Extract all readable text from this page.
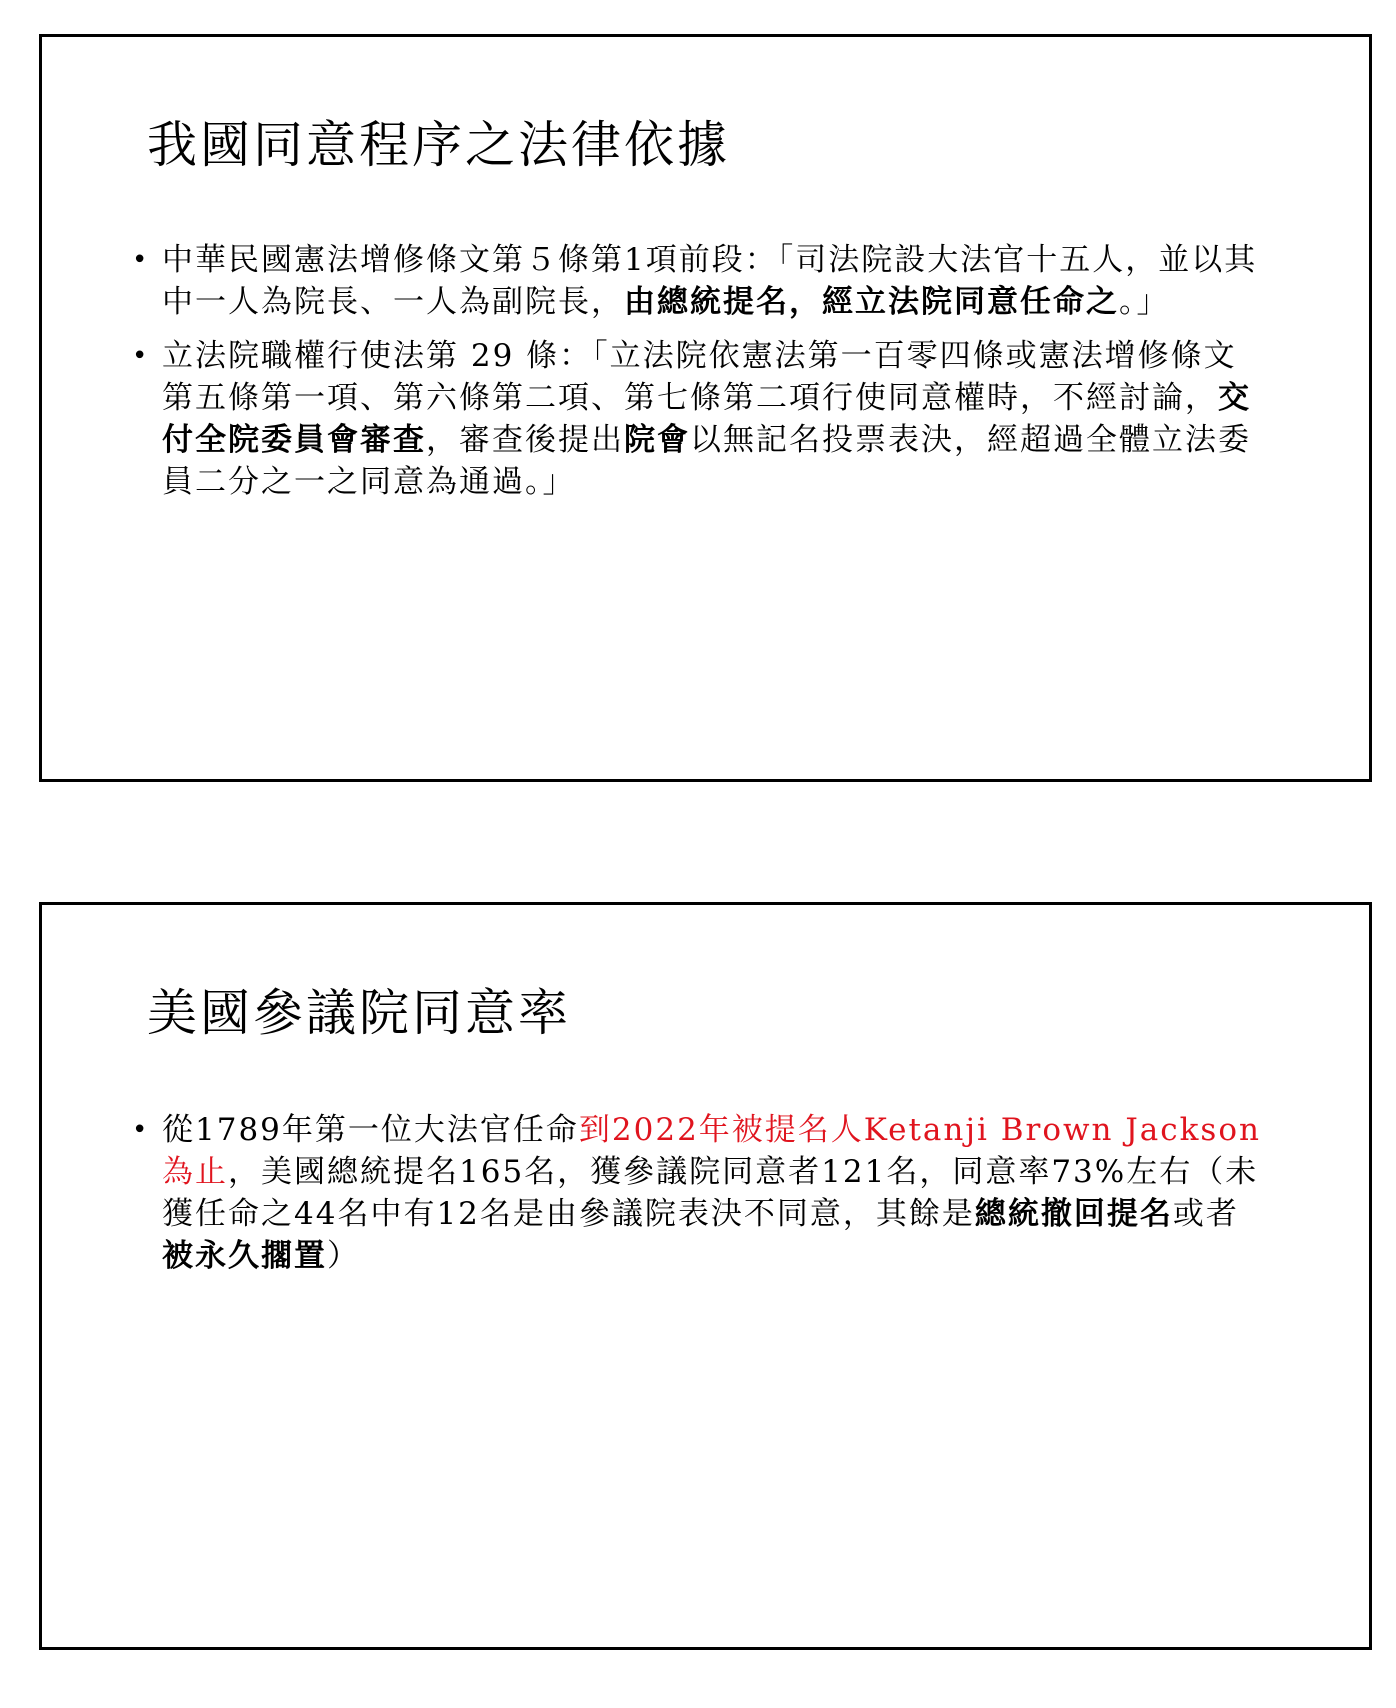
我國同意程序之法律依據
• 中華民國憲法增修條文第５條第1項前段：「司法院設大法官十五人，並以其中一人為院長、一人為副院長，由總統提名，經立法院同意任命之。」
• 立法院職權行使法第 29 條：「立法院依憲法第一百零四條或憲法增修條文第五條第一項、第六條第二項、第七條第二項行使同意權時，不經討論，交付全院委員會審查，審查後提出院會以無記名投票表決，經超過全體立法委員二分之一之同意為通過。」
美國參議院同意率
• 從1789年第一位大法官任命到2022年被提名人Ketanji Brown Jackson為止，美國總統提名165名，獲參議院同意者121名，同意率73%左右（未獲任命之44名中有12名是由參議院表決不同意，其餘是總統撤回提名或者被永久擱置）
